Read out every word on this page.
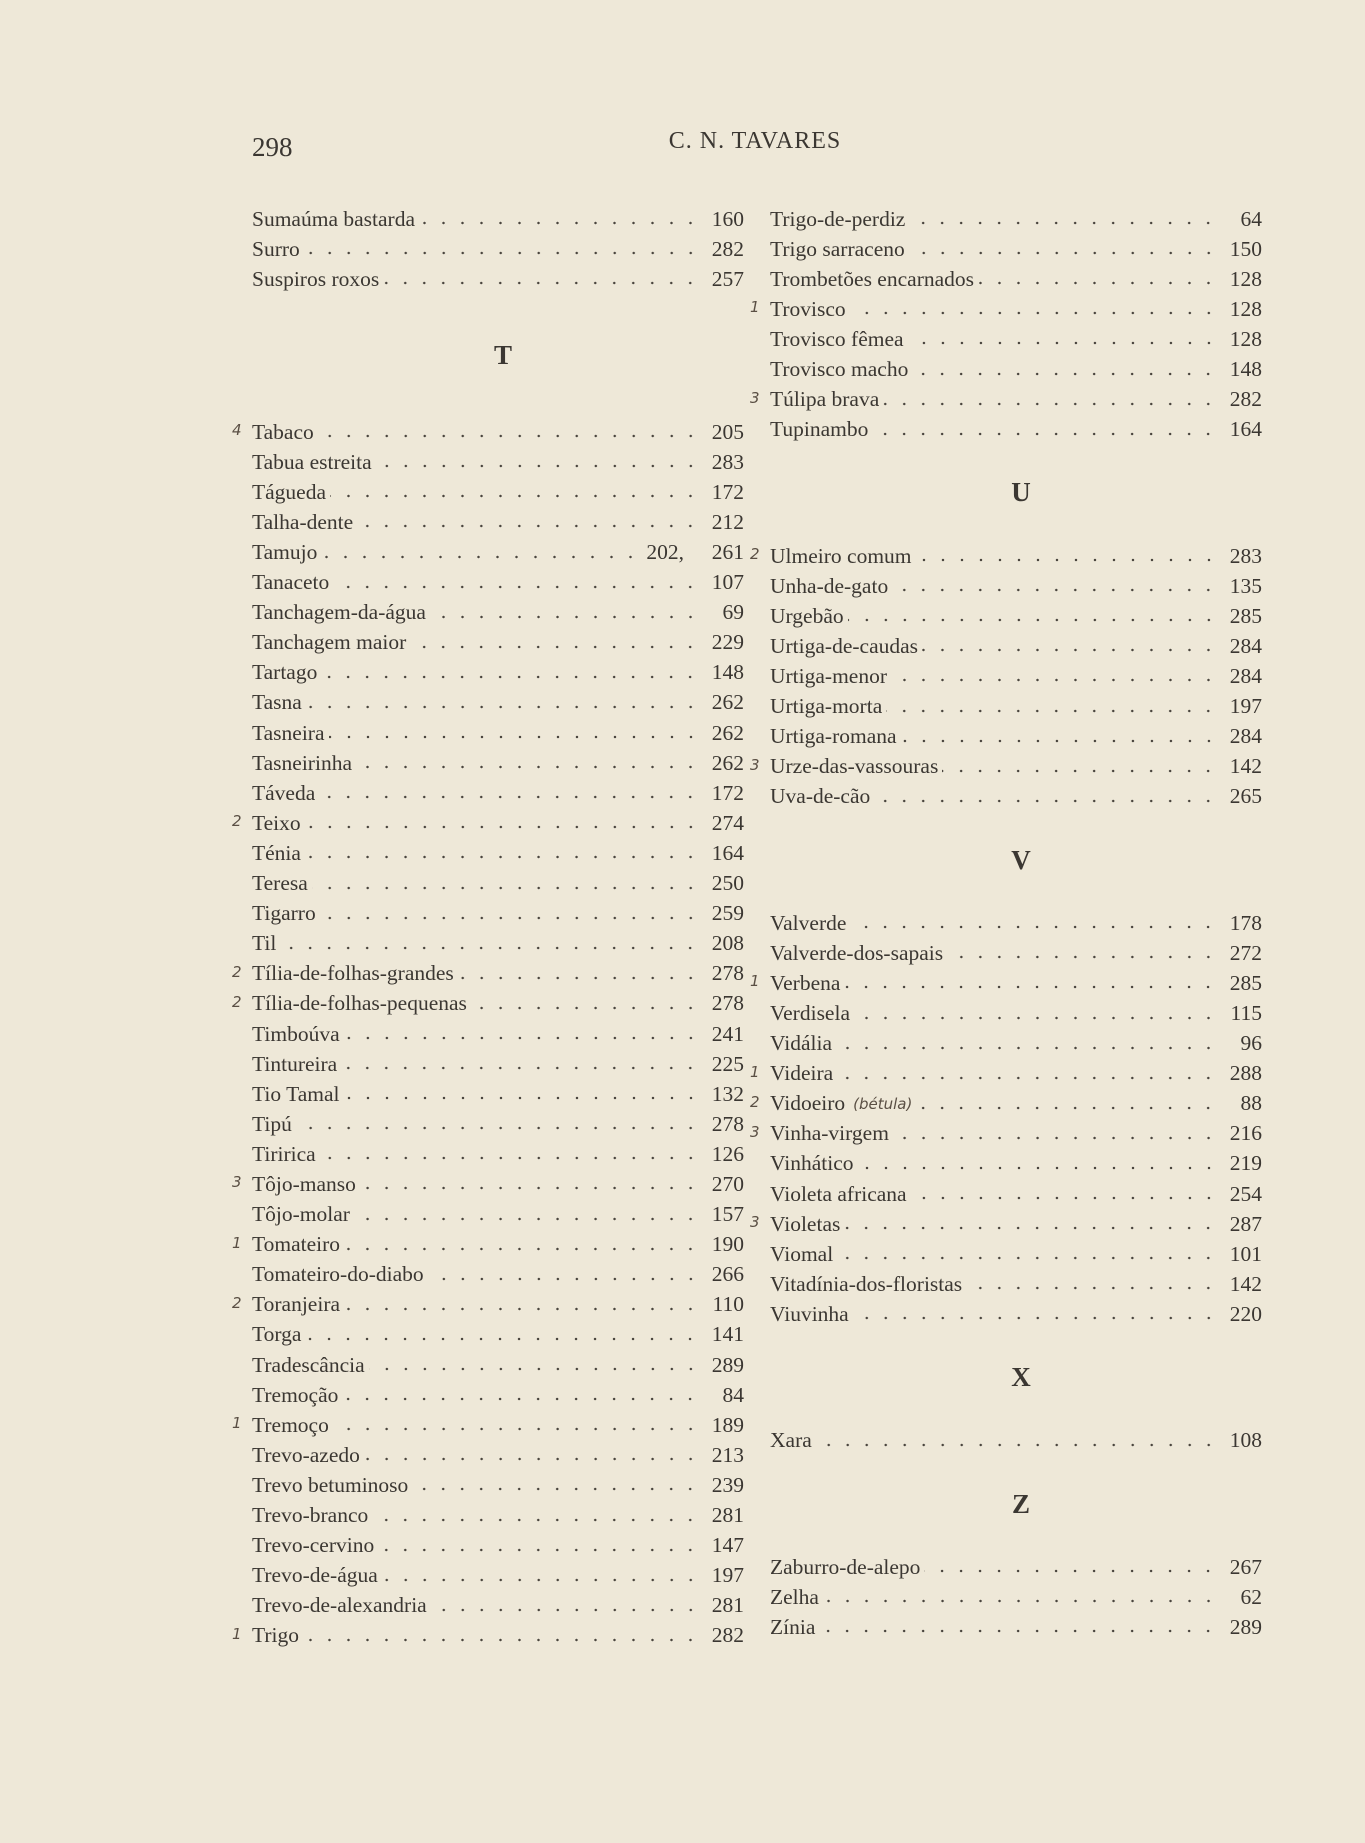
298	C. N. TAVARES
Sumaúma bastarda	160
Surro	282
Suspiros roxos	257
T
4 Tabaco	205
Tabua estreita	283
Tágueda	172
Talha-dente	212
Tamujo	202, 261
Tanaceto	107
Tanchagem-da-água	69
Tanchagem maior	229
Tartago	148
Tasna	262
Tasneira	262
Tasneirinha	262
Táveda	172
2 Teixo	274
Ténia	164
Teresa	250
Tigarro	259
Til	208
2 Tília-de-folhas-grandes	278
2 Tília-de-folhas-pequenas	278
Timboúva	241
Tintureira	225
Tio Tamal	132
Tipú	278
Tiririca	126
3 Tôjo-manso	270
Tôjo-molar	157
1 Tomateiro	190
Tomateiro-do-diabo	266
2 Toranjeira	110
Torga	141
Tradescância	289
Tremoção	84
1 Tremoço	189
Trevo-azedo	213
Trevo betuminoso	239
Trevo-branco	281
Trevo-cervino	147
Trevo-de-água	197
Trevo-de-alexandria	281
1 Trigo	282
Trigo-de-perdiz	64
Trigo sarraceno	150
Trombetões encarnados	128
1 Trovisco	128
Trovisco fêmea	128
Trovisco macho	148
3 Túlipa brava	282
Tupinambo	164
U
2 Ulmeiro comum	283
Unha-de-gato	135
Urgebão	285
Urtiga-de-caudas	284
Urtiga-menor	284
Urtiga-morta	197
Urtiga-romana	284
3 Urze-das-vassouras	142
Uva-de-cão	265
V
Valverde	178
Valverde-dos-sapais	272
1 Verbena	285
Verdisela	115
Vidália	96
1 Videira	288
2 Vidoeiro (bétula)	88
3 Vinha-virgem	216
Vinhático	219
Violeta africana	254
3 Violetas	287
Viomal	101
Vitadínia-dos-floristas	142
Viuvinha	220
X
Xara	108
Z
Zaburro-de-alepo	267
Zelha	62
Zínia	289
